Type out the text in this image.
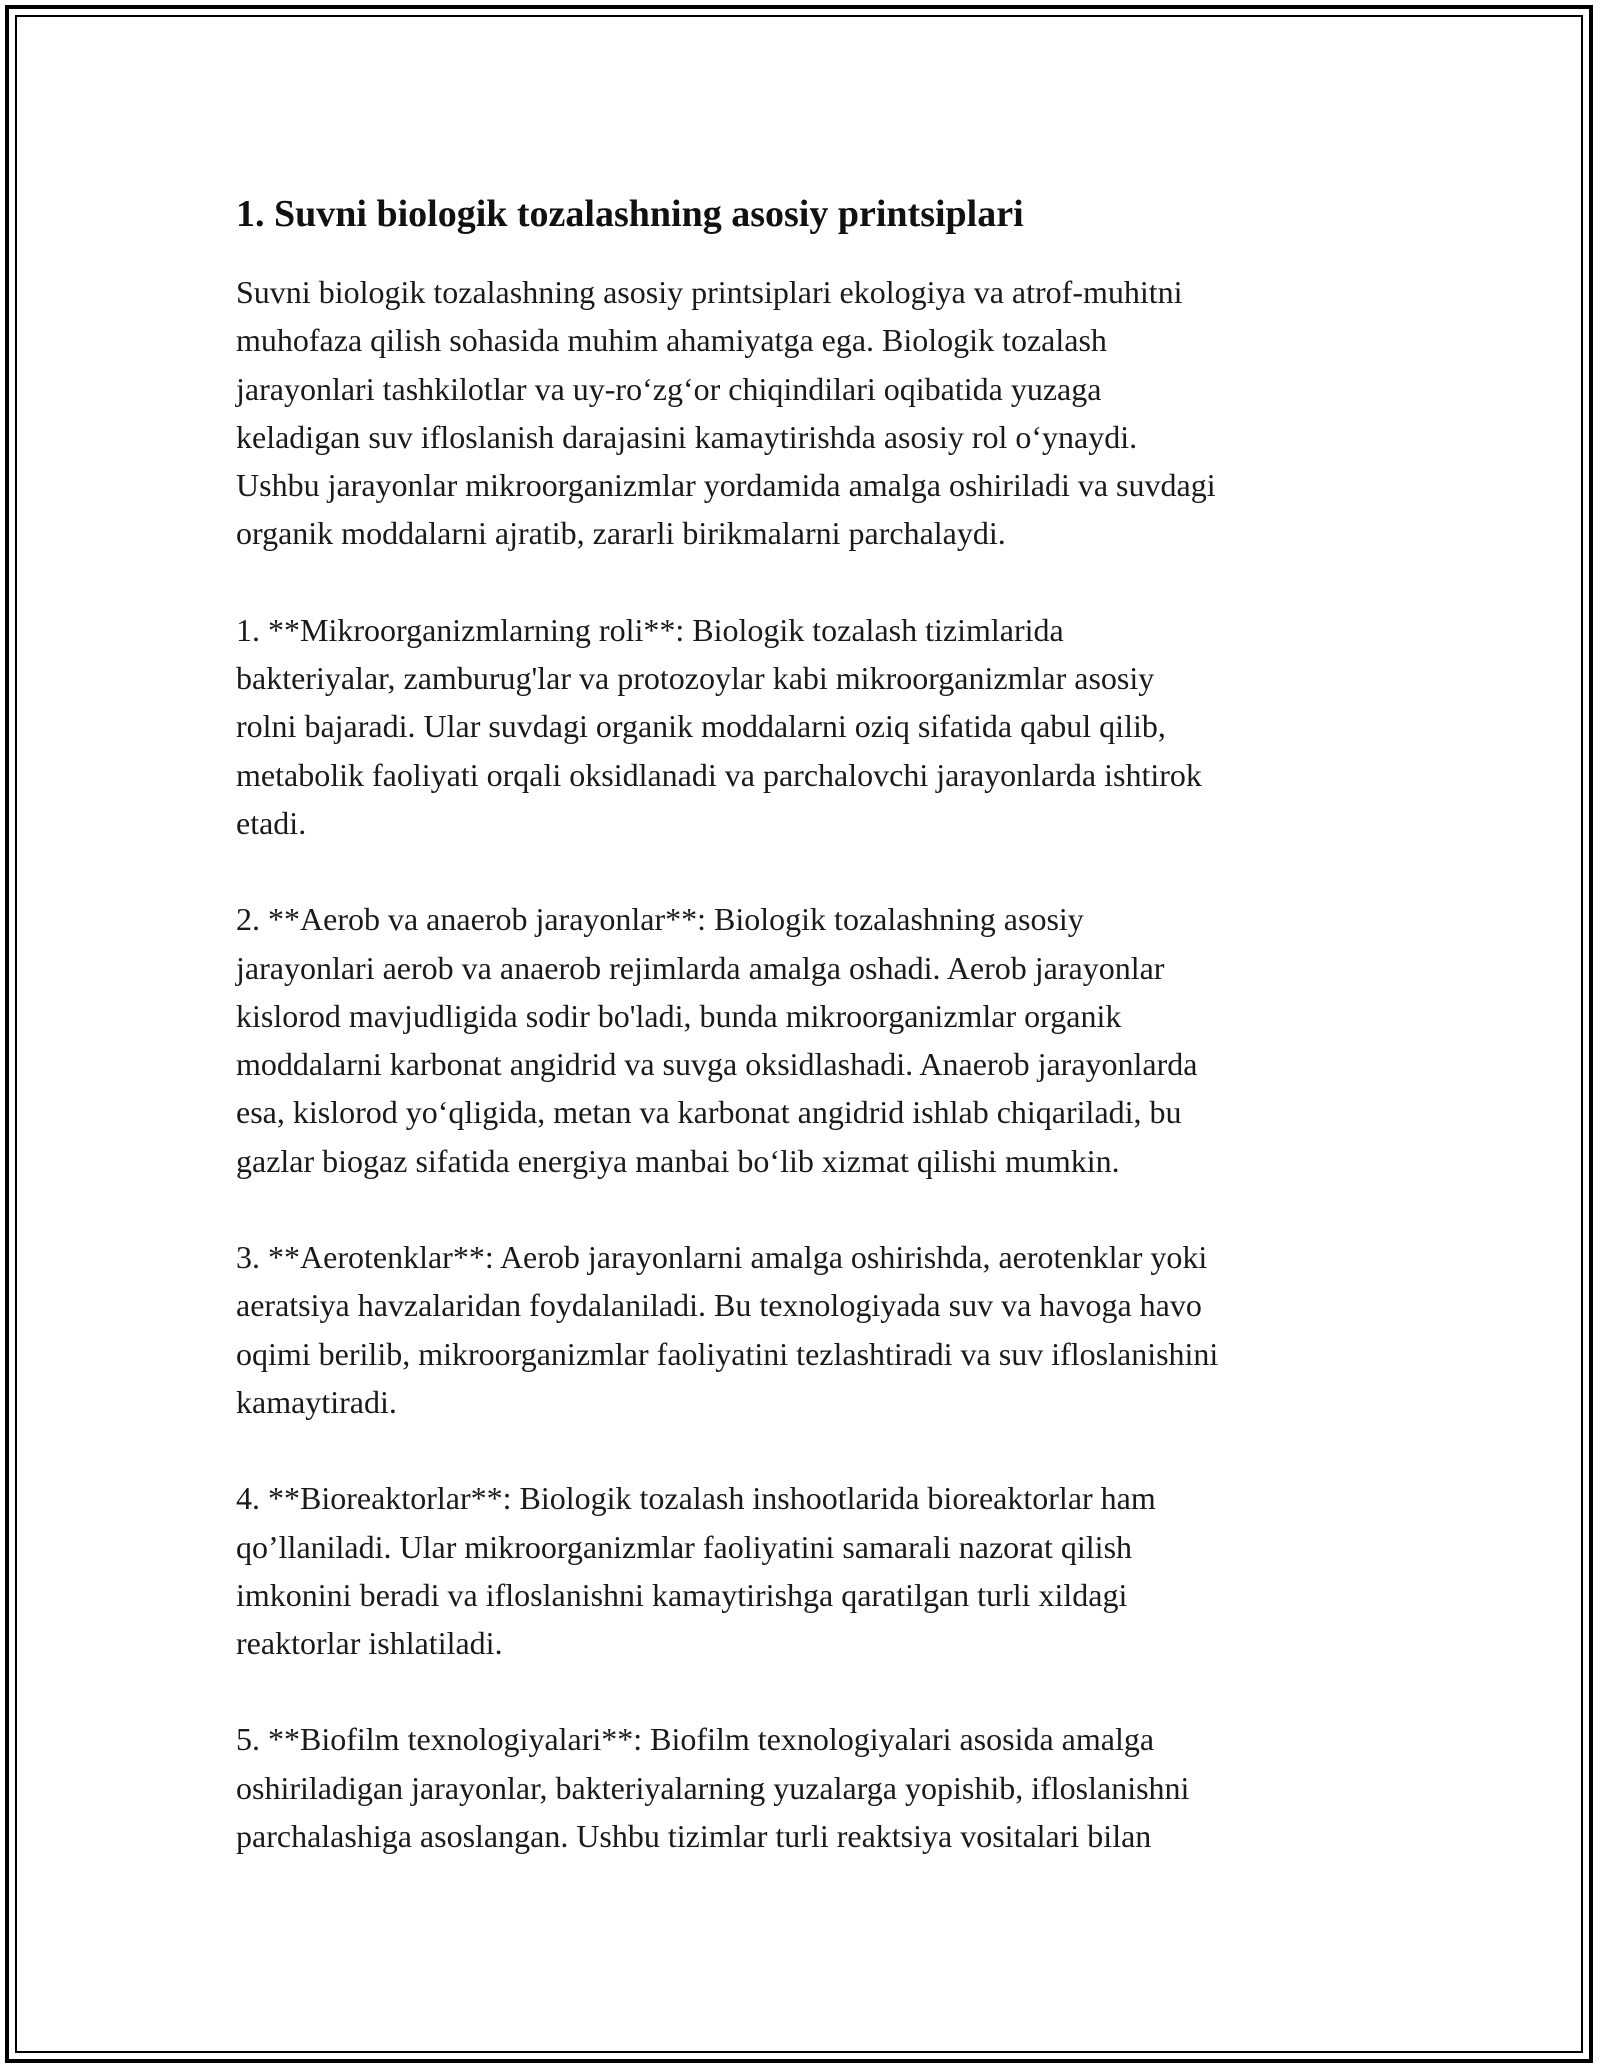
1. Suvni biologik tozalashning asosiy printsiplari

Suvni biologik tozalashning asosiy printsiplari ekologiya va atrof-muhitni
muhofaza qilish sohasida muhim ahamiyatga ega. Biologik tozalash
jarayonlari tashkilotlar va uy-ro‘zg‘or chiqindilari oqibatida yuzaga
keladigan suv ifloslanish darajasini kamaytirishda asosiy rol o‘ynaydi.
Ushbu jarayonlar mikroorganizmlar yordamida amalga oshiriladi va suvdagi
organik moddalarni ajratib, zararli birikmalarni parchalaydi.

1. **Mikroorganizmlarning roli**: Biologik tozalash tizimlarida
bakteriyalar, zamburug'lar va protozoylar kabi mikroorganizmlar asosiy
rolni bajaradi. Ular suvdagi organik moddalarni oziq sifatida qabul qilib,
metabolik faoliyati orqali oksidlanadi va parchalovchi jarayonlarda ishtirok
etadi.

2. **Aerob va anaerob jarayonlar**: Biologik tozalashning asosiy
jarayonlari aerob va anaerob rejimlarda amalga oshadi. Aerob jarayonlar
kislorod mavjudligida sodir bo'ladi, bunda mikroorganizmlar organik
moddalarni karbonat angidrid va suvga oksidlashadi. Anaerob jarayonlarda
esa, kislorod yo‘qligida, metan va karbonat angidrid ishlab chiqariladi, bu
gazlar biogaz sifatida energiya manbai bo‘lib xizmat qilishi mumkin.

3. **Aerotenklar**: Aerob jarayonlarni amalga oshirishda, aerotenklar yoki
aeratsiya havzalaridan foydalaniladi. Bu texnologiyada suv va havoga havo
oqimi berilib, mikroorganizmlar faoliyatini tezlashtiradi va suv ifloslanishini
kamaytiradi.

4. **Bioreaktorlar**: Biologik tozalash inshootlarida bioreaktorlar ham
qo’llaniladi. Ular mikroorganizmlar faoliyatini samarali nazorat qilish
imkonini beradi va ifloslanishni kamaytirishga qaratilgan turli xildagi
reaktorlar ishlatiladi.

5. **Biofilm texnologiyalari**: Biofilm texnologiyalari asosida amalga
oshiriladigan jarayonlar, bakteriyalarning yuzalarga yopishib, ifloslanishni
parchalashiga asoslangan. Ushbu tizimlar turli reaktsiya vositalari bilan
